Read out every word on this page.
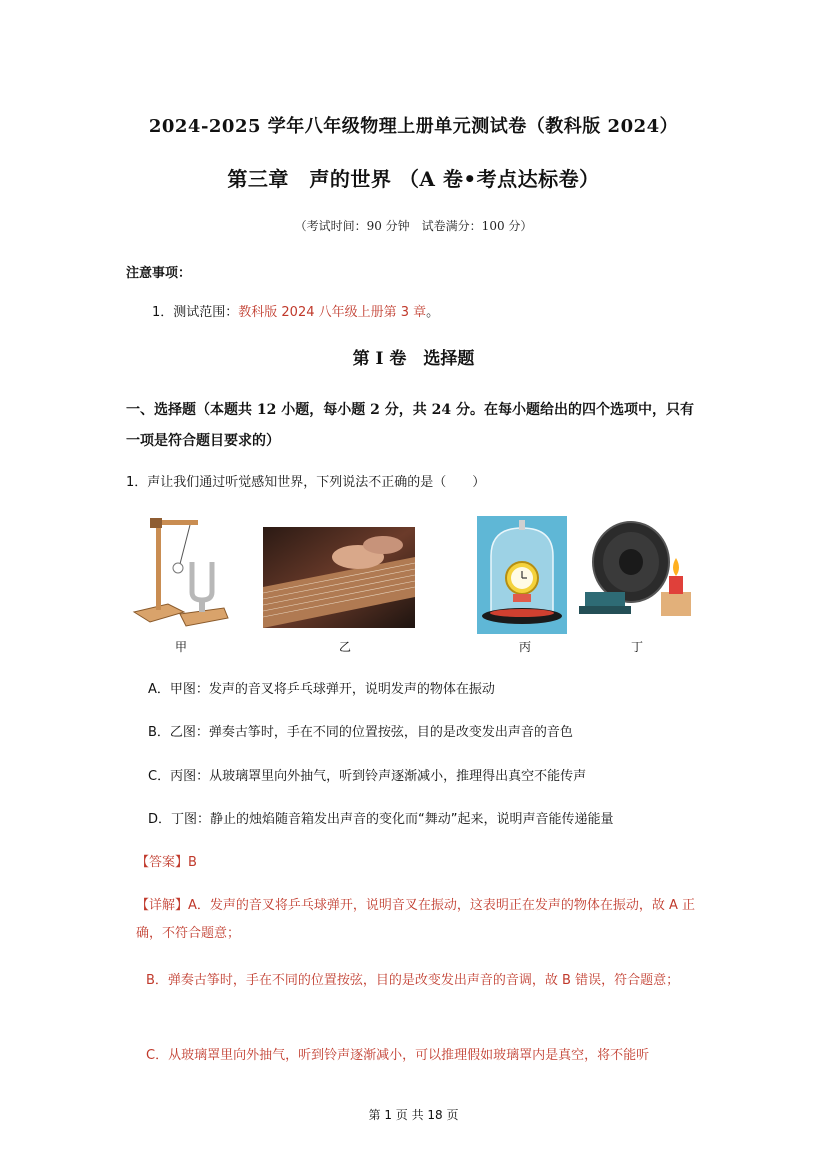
2024-2025 学年八年级物理上册单元测试卷（教科版 2024）
第三章　声的世界 （A 卷•考点达标卷）
（考试时间：90 分钟　试卷满分：100 分）
注意事项：
1．测试范围：教科版 2024 八年级上册第 3 章。
第 I 卷　选择题
一、选择题（本题共 12 小题，每小题 2 分，共 24 分。在每小题给出的四个选项中，只有一项是符合题目要求的）
1．声让我们通过听觉感知世界，下列说法不正确的是（　　）
甲	乙	丙	丁
A．甲图：发声的音叉将乒乓球弹开，说明发声的物体在振动
B．乙图：弹奏古筝时，手在不同的位置按弦，目的是改变发出声音的音色
C．丙图：从玻璃罩里向外抽气，听到铃声逐渐减小，推理得出真空不能传声
D．丁图：静止的烛焰随音箱发出声音的变化而“舞动”起来，说明声音能传递能量
【答案】B
【详解】A．发声的音叉将乒乓球弹开，说明音叉在振动，这表明正在发声的物体在振动，故 A 正确，不符合题意；
B．弹奏古筝时，手在不同的位置按弦，目的是改变发出声音的音调，故 B 错误，符合题意；
C．从玻璃罩里向外抽气，听到铃声逐渐减小，可以推理假如玻璃罩内是真空，将不能听
第 1 页 共 18 页
